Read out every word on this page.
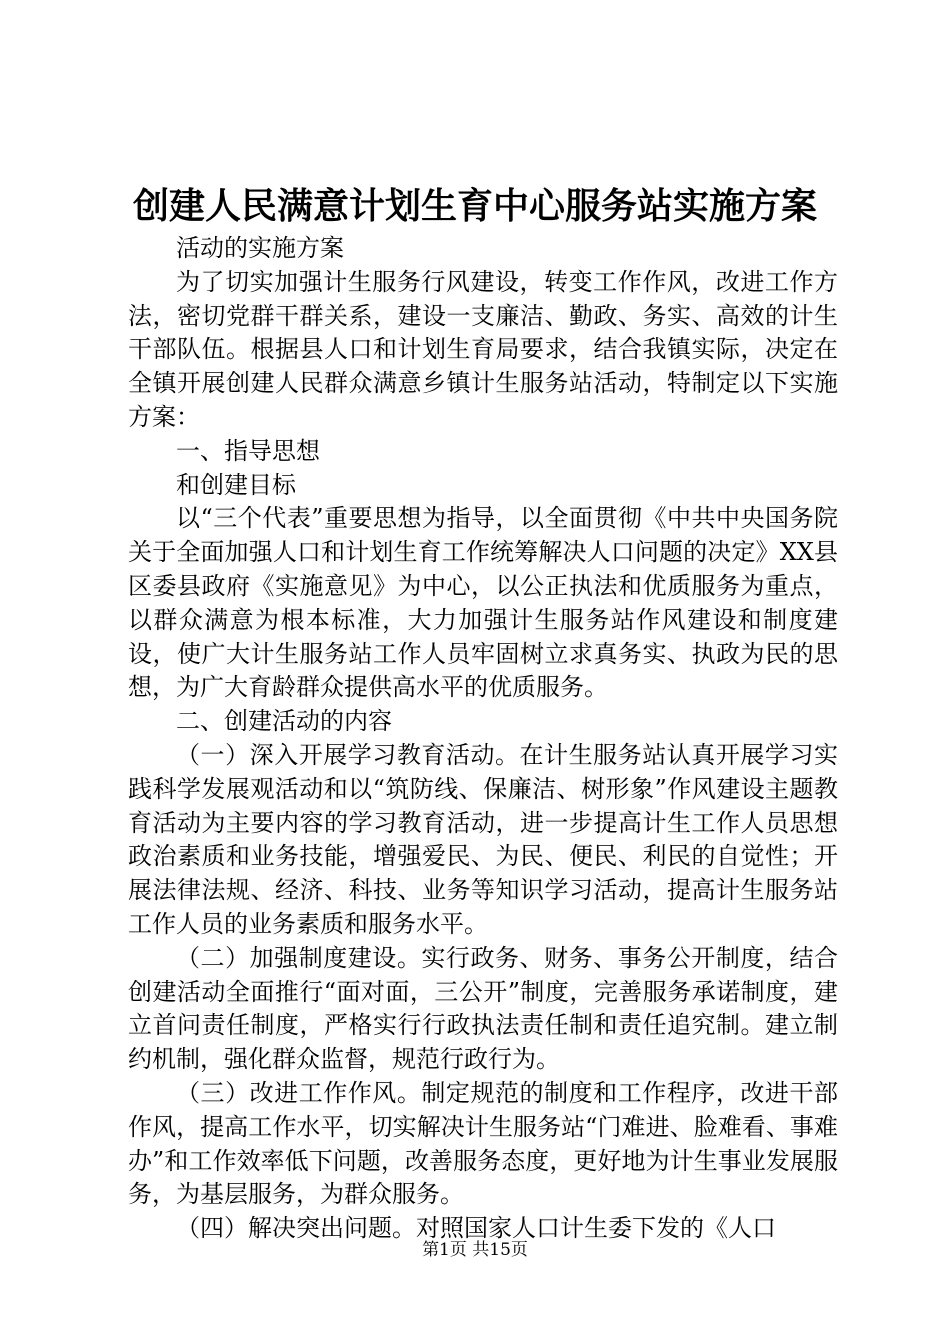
创建人民满意计划生育中心服务站实施方案

活动的实施方案

为了切实加强计生服务行风建设，转变工作作风，改进工作方法，密切党群干群关系，建设一支廉洁、勤政、务实、高效的计生干部队伍。根据县人口和计划生育局要求，结合我镇实际，决定在全镇开展创建人民群众满意乡镇计生服务站活动，特制定以下实施方案：

一、指导思想

和创建目标

以“三个代表”重要思想为指导，以全面贯彻《中共中央国务院关于全面加强人口和计划生育工作统筹解决人口问题的决定》XX县区委县政府《实施意见》为中心，以公正执法和优质服务为重点，以群众满意为根本标准，大力加强计生服务站作风建设和制度建设，使广大计生服务站工作人员牢固树立求真务实、执政为民的思想，为广大育龄群众提供高水平的优质服务。

二、创建活动的内容

（一）深入开展学习教育活动。在计生服务站认真开展学习实践科学发展观活动和以“筑防线、保廉洁、树形象”作风建设主题教育活动为主要内容的学习教育活动，进一步提高计生工作人员思想政治素质和业务技能，增强爱民、为民、便民、利民的自觉性；开展法律法规、经济、科技、业务等知识学习活动，提高计生服务站工作人员的业务素质和服务水平。

（二）加强制度建设。实行政务、财务、事务公开制度，结合创建活动全面推行“面对面，三公开”制度，完善服务承诺制度，建立首问责任制度，严格实行行政执法责任制和责任追究制。建立制约机制，强化群众监督，规范行政行为。

（三）改进工作作风。制定规范的制度和工作程序，改进干部作风，提高工作水平，切实解决计生服务站“门难进、脸难看、事难办”和工作效率低下问题，改善服务态度，更好地为计生事业发展服务，为基层服务，为群众服务。

（四）解决突出问题。对照国家人口计生委下发的《人口

第1页 共15页
